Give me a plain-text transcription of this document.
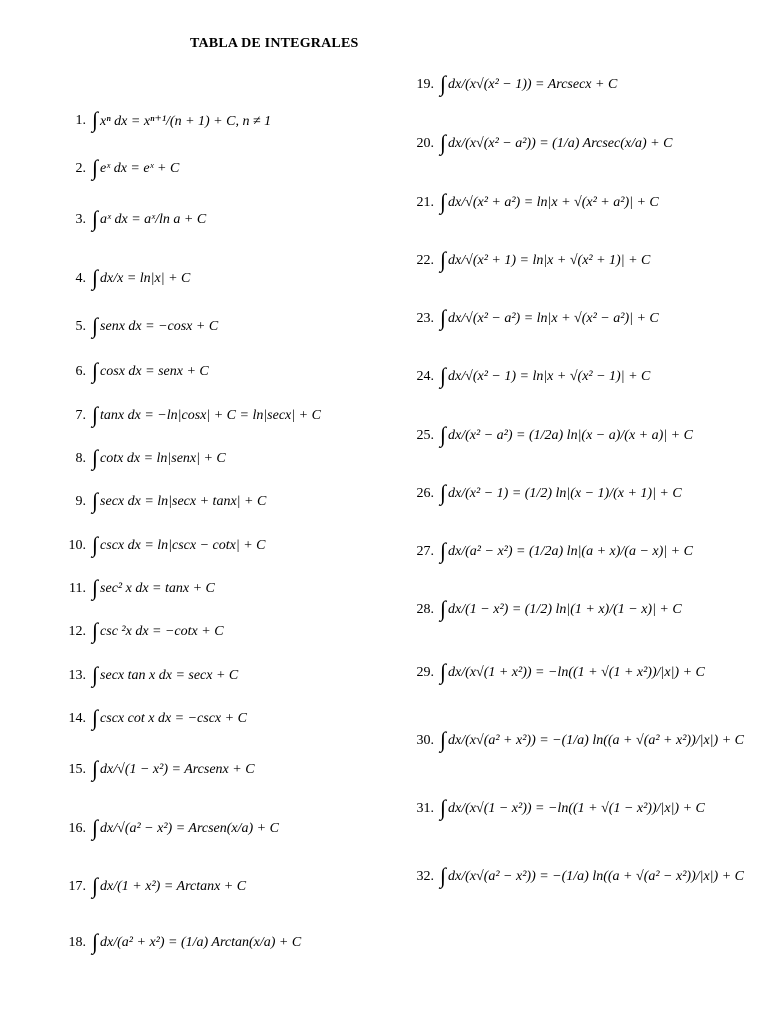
TABLA DE INTEGRALES
1. ∫ xⁿ dx = xⁿ⁺¹/(n + 1) + C, n ≠ 1
2. ∫ eˣ dx = eˣ + C
3. ∫ aˣ dx = aˣ/ln a + C
4. ∫ dx/x = ln|x| + C
5. ∫ senx dx = −cosx + C
6. ∫ cosx dx = senx + C
7. ∫ tanx dx = −ln|cosx| + C = ln|secx| + C
8. ∫ cotx dx = ln|senx| + C
9. ∫ secx dx = ln|secx + tanx| + C
10. ∫ cscx dx = ln|cscx − cotx| + C
11. ∫ sec² x dx = tanx + C
12. ∫ csc ²x dx = −cotx + C
13. ∫ secx tan x dx = secx + C
14. ∫ cscx cot x dx = −cscx + C
15. ∫ dx/√(1 − x²) = Arcsenx + C
16. ∫ dx/√(a² − x²) = Arcsen(x/a) + C
17. ∫ dx/(1 + x²) = Arctanx + C
18. ∫ dx/(a² + x²) = (1/a) Arctan(x/a) + C
19. ∫ dx/(x√(x² − 1)) = Arcsecx + C
20. ∫ dx/(x√(x² − a²)) = (1/a) Arcsec(x/a) + C
21. ∫ dx/√(x² + a²) = ln|x + √(x² + a²)| + C
22. ∫ dx/√(x² + 1) = ln|x + √(x² + 1)| + C
23. ∫ dx/√(x² − a²) = ln|x + √(x² − a²)| + C
24. ∫ dx/√(x² − 1) = ln|x + √(x² − 1)| + C
25. ∫ dx/(x² − a²) = (1/2a) ln|(x − a)/(x + a)| + C
26. ∫ dx/(x² − 1) = (1/2) ln|(x − 1)/(x + 1)| + C
27. ∫ dx/(a² − x²) = (1/2a) ln|(a + x)/(a − x)| + C
28. ∫ dx/(1 − x²) = (1/2) ln|(1 + x)/(1 − x)| + C
29. ∫ dx/(x√(1 + x²)) = −ln((1 + √(1 + x²))/|x|) + C
30. ∫ dx/(x√(a² + x²)) = −(1/a) ln((a + √(a² + x²))/|x|) + C
31. ∫ dx/(x√(1 − x²)) = −ln((1 + √(1 − x²))/|x|) + C
32. ∫ dx/(x√(a² − x²)) = −(1/a) ln((a + √(a² − x²))/|x|) + C
